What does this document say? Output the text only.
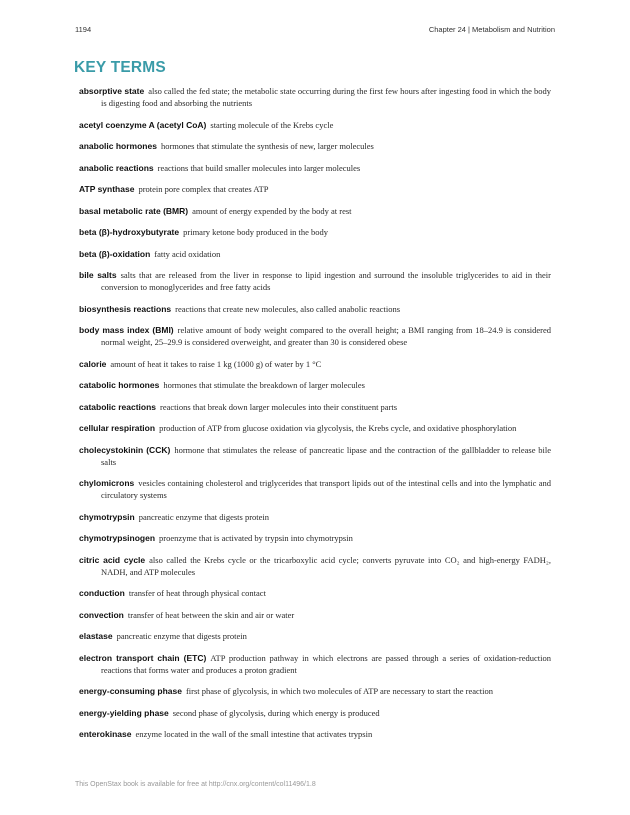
1194	Chapter 24 | Metabolism and Nutrition
KEY TERMS
absorptive state also called the fed state; the metabolic state occurring during the first few hours after ingesting food in which the body is digesting food and absorbing the nutrients
acetyl coenzyme A (acetyl CoA) starting molecule of the Krebs cycle
anabolic hormones hormones that stimulate the synthesis of new, larger molecules
anabolic reactions reactions that build smaller molecules into larger molecules
ATP synthase protein pore complex that creates ATP
basal metabolic rate (BMR) amount of energy expended by the body at rest
beta (β)-hydroxybutyrate primary ketone body produced in the body
beta (β)-oxidation fatty acid oxidation
bile salts salts that are released from the liver in response to lipid ingestion and surround the insoluble triglycerides to aid in their conversion to monoglycerides and free fatty acids
biosynthesis reactions reactions that create new molecules, also called anabolic reactions
body mass index (BMI) relative amount of body weight compared to the overall height; a BMI ranging from 18–24.9 is considered normal weight, 25–29.9 is considered overweight, and greater than 30 is considered obese
calorie amount of heat it takes to raise 1 kg (1000 g) of water by 1 °C
catabolic hormones hormones that stimulate the breakdown of larger molecules
catabolic reactions reactions that break down larger molecules into their constituent parts
cellular respiration production of ATP from glucose oxidation via glycolysis, the Krebs cycle, and oxidative phosphorylation
cholecystokinin (CCK) hormone that stimulates the release of pancreatic lipase and the contraction of the gallbladder to release bile salts
chylomicrons vesicles containing cholesterol and triglycerides that transport lipids out of the intestinal cells and into the lymphatic and circulatory systems
chymotrypsin pancreatic enzyme that digests protein
chymotrypsinogen proenzyme that is activated by trypsin into chymotrypsin
citric acid cycle also called the Krebs cycle or the tricarboxylic acid cycle; converts pyruvate into CO₂ and high-energy FADH₂, NADH, and ATP molecules
conduction transfer of heat through physical contact
convection transfer of heat between the skin and air or water
elastase pancreatic enzyme that digests protein
electron transport chain (ETC) ATP production pathway in which electrons are passed through a series of oxidation-reduction reactions that forms water and produces a proton gradient
energy-consuming phase first phase of glycolysis, in which two molecules of ATP are necessary to start the reaction
energy-yielding phase second phase of glycolysis, during which energy is produced
enterokinase enzyme located in the wall of the small intestine that activates trypsin
This OpenStax book is available for free at http://cnx.org/content/col11496/1.8
